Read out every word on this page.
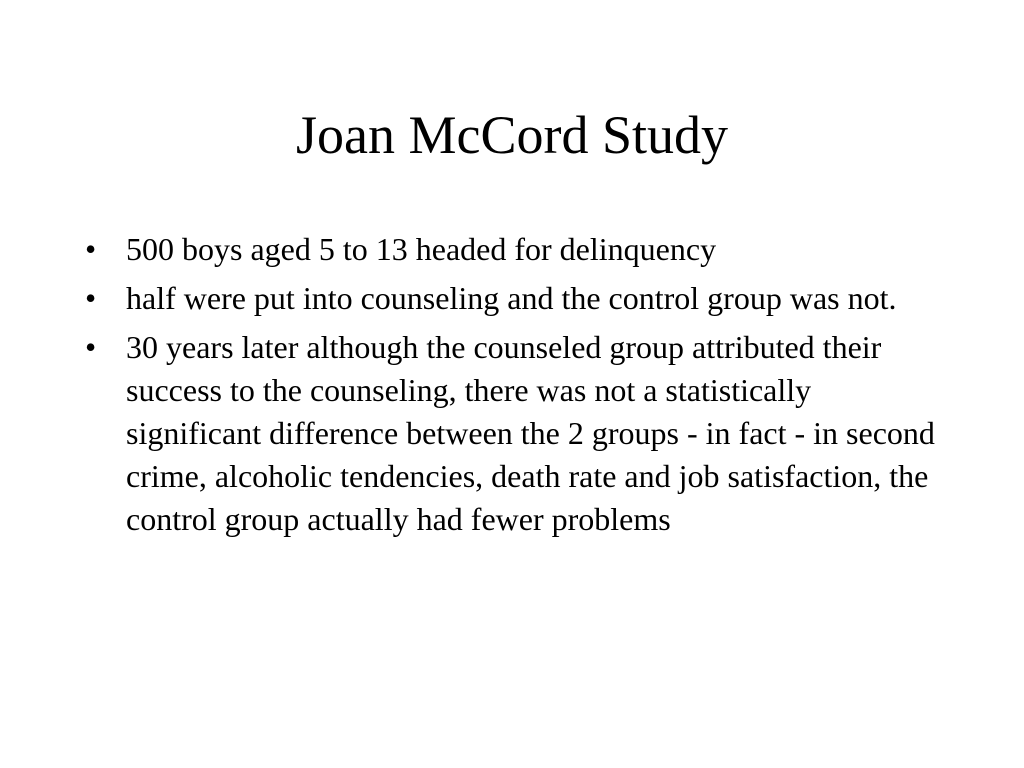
Joan McCord Study
• 500 boys aged 5 to 13 headed for delinquency
• half were put into counseling and the control group was not.
• 30 years later although the counseled group attributed their success to the counseling, there was not a statistically significant difference between the 2 groups - in fact - in second crime, alcoholic tendencies, death rate and job satisfaction, the control group actually had fewer problems
